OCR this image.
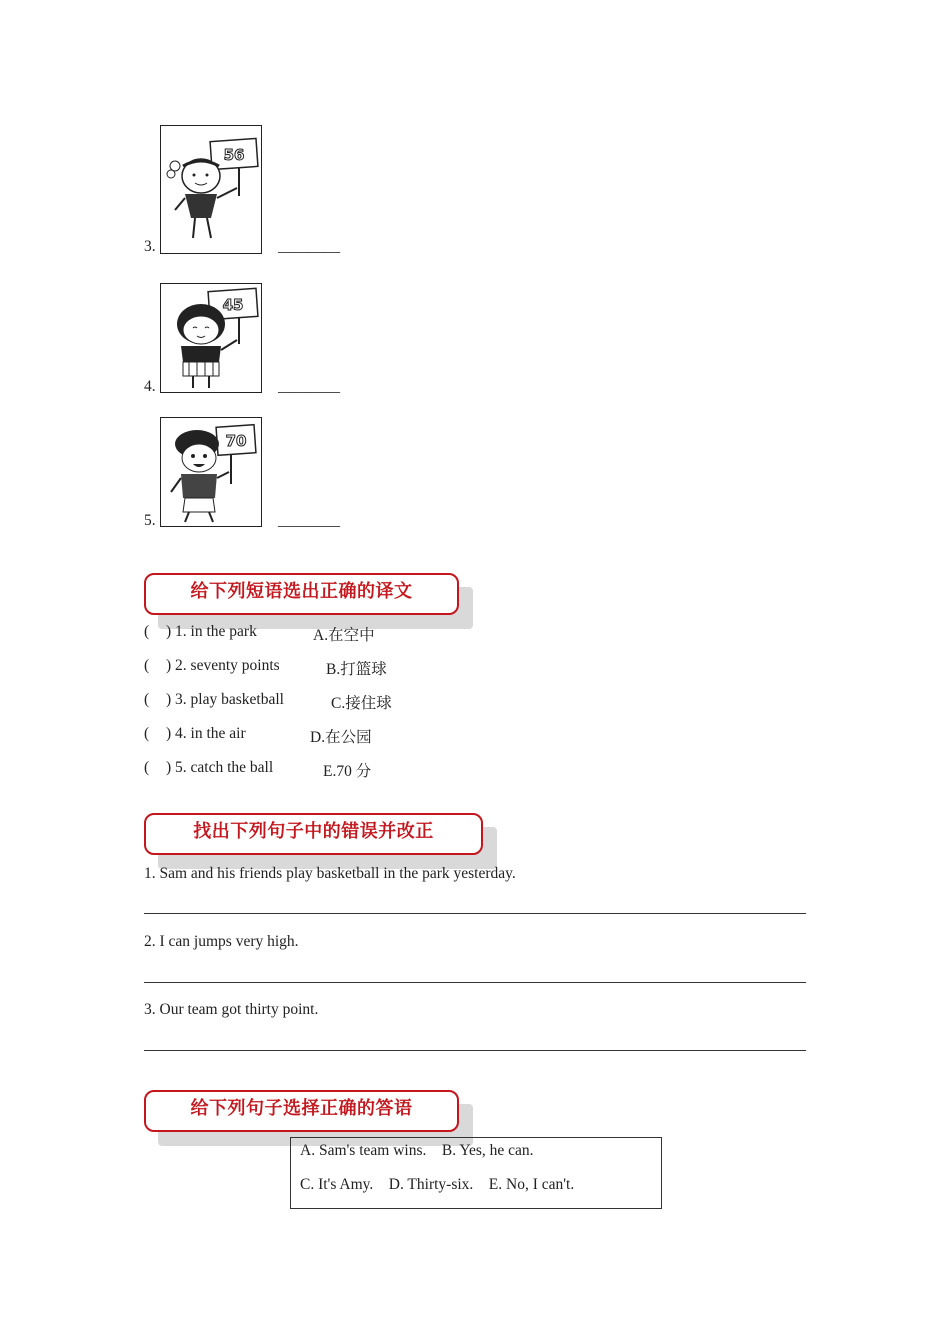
3.
56
________
4.
45
________
5.
70
________
给下列短语选出正确的译文
( ) 1. in the park	A.在空中
( ) 2. seventy points	B.打篮球
( ) 3. play basketball	C.接住球
( ) 4. in the air	D.在公园
( ) 5. catch the ball	E.70 分
找出下列句子中的错误并改正
1. Sam and his friends play basketball in the park yesterday.
2. I can jumps very high.
3. Our team got thirty point.
给下列句子选择正确的答语
A. Sam's team wins.    B. Yes, he can.
C. It's Amy.    D. Thirty-six.    E. No, I can't.
